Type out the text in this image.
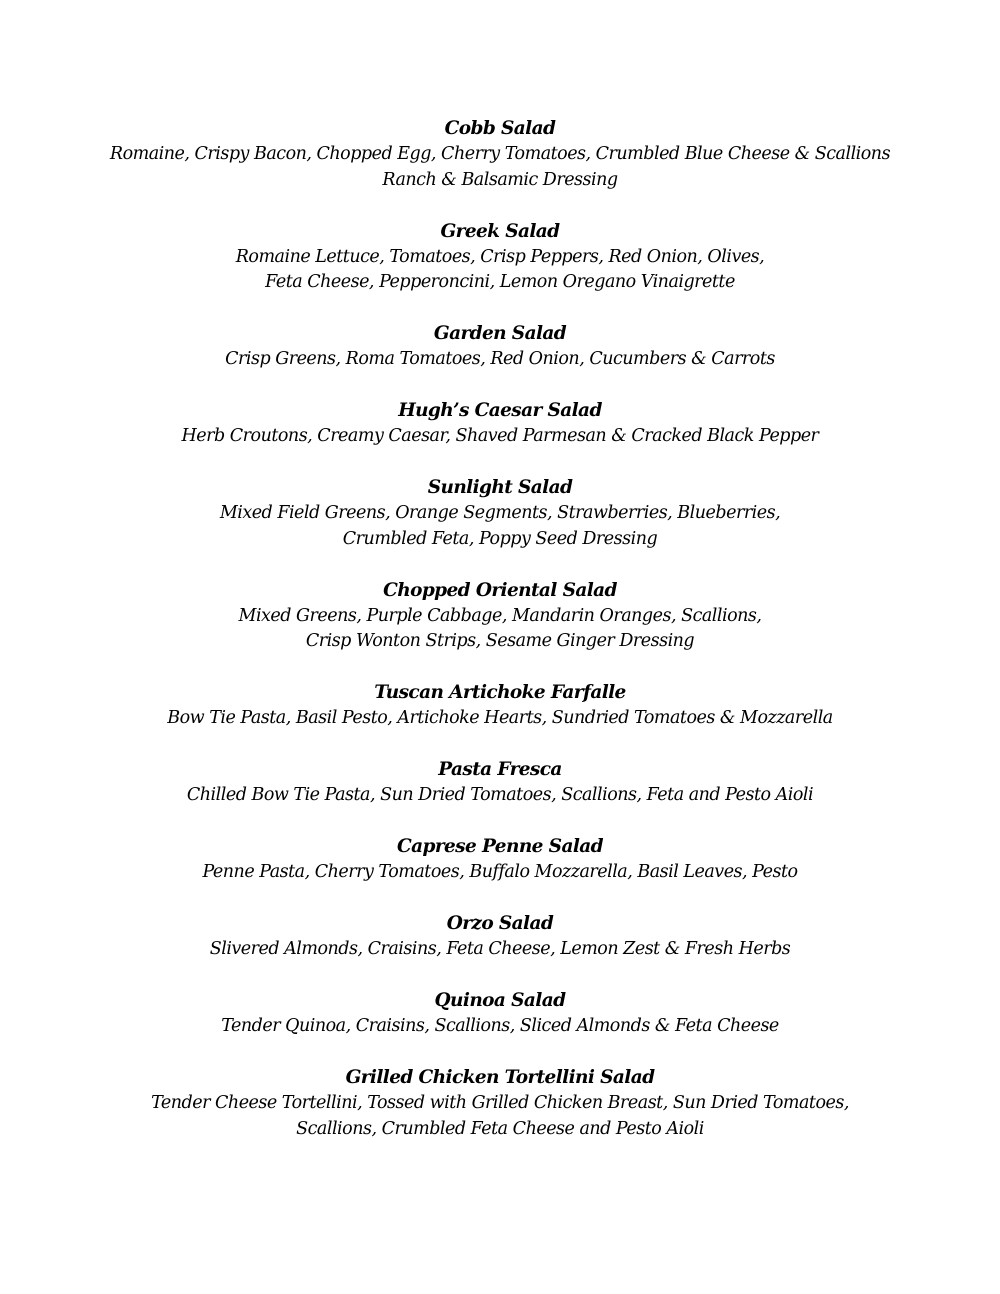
Cobb Salad

Romaine, Crispy Bacon, Chopped Egg, Cherry Tomatoes, Crumbled Blue Cheese & Scallions

Ranch & Balsamic Dressing

Greek Salad

Romaine Lettuce, Tomatoes, Crisp Peppers, Red Onion, Olives,

Feta Cheese, Pepperoncini, Lemon Oregano Vinaigrette

Garden Salad

Crisp Greens, Roma Tomatoes, Red Onion, Cucumbers & Carrots

Hugh’s Caesar Salad

Herb Croutons, Creamy Caesar, Shaved Parmesan & Cracked Black Pepper

Sunlight Salad

Mixed Field Greens, Orange Segments, Strawberries, Blueberries,

Crumbled Feta, Poppy Seed Dressing

Chopped Oriental Salad

Mixed Greens, Purple Cabbage, Mandarin Oranges, Scallions,

Crisp Wonton Strips, Sesame Ginger Dressing

Tuscan Artichoke Farfalle

Bow Tie Pasta, Basil Pesto, Artichoke Hearts, Sundried Tomatoes & Mozzarella

Pasta Fresca

Chilled Bow Tie Pasta, Sun Dried Tomatoes, Scallions, Feta and Pesto Aioli

Caprese Penne Salad

Penne Pasta, Cherry Tomatoes, Buffalo Mozzarella, Basil Leaves, Pesto

Orzo Salad

Slivered Almonds, Craisins, Feta Cheese, Lemon Zest & Fresh Herbs

Quinoa Salad

Tender Quinoa, Craisins, Scallions, Sliced Almonds & Feta Cheese

Grilled Chicken Tortellini Salad

Tender Cheese Tortellini, Tossed with Grilled Chicken Breast, Sun Dried Tomatoes,

Scallions, Crumbled Feta Cheese and Pesto Aioli
